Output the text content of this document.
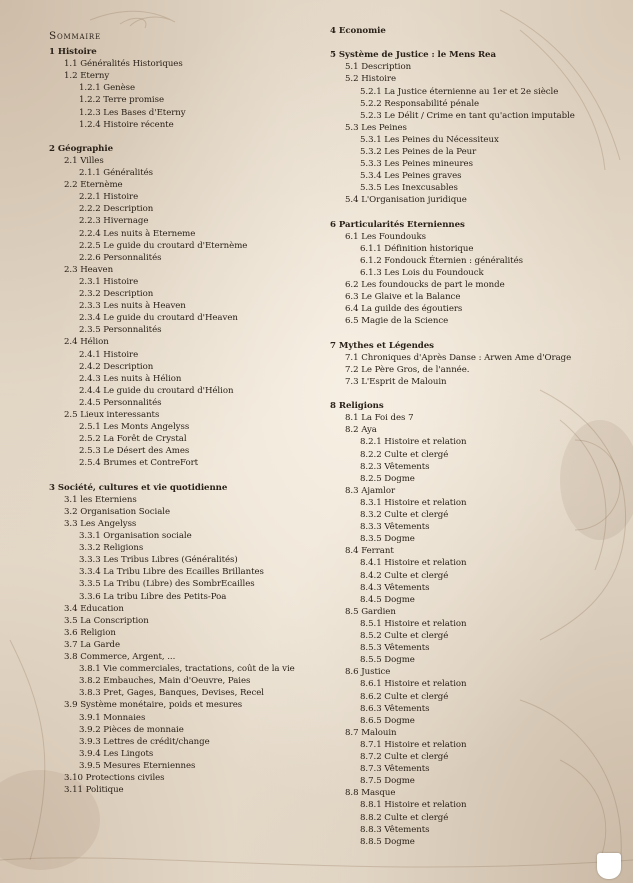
Sommaire
1 Histoire
1.1 Généralités Historiques
1.2 Eterny
1.2.1 Genèse
1.2.2 Terre promise
1.2.3 Les Bases d'Eterny
1.2.4 Histoire récente
2 Géographie
2.1 Villes
2.1.1 Généralités
2.2 Eternème
2.2.1 Histoire
2.2.2 Description
2.2.3 Hivernage
2.2.4 Les nuits à Eterneme
2.2.5 Le guide du croutard d'Eternème
2.2.6 Personnalités
2.3 Heaven
2.3.1 Histoire
2.3.2 Description
2.3.3 Les nuits à Heaven
2.3.4 Le guide du croutard d'Heaven
2.3.5 Personnalités
2.4 Hélion
2.4.1 Histoire
2.4.2 Description
2.4.3 Les nuits à Hélion
2.4.4 Le guide du croutard d'Hélion
2.4.5 Personnalités
2.5 Lieux interessants
2.5.1 Les Monts Angelyss
2.5.2 La Forêt de Crystal
2.5.3 Le Désert des Ames
2.5.4 Brumes et ContreFort
3 Société, cultures et vie quotidienne
3.1 les Eterniens
3.2 Organisation Sociale
3.3 Les Angelyss
3.3.1 Organisation sociale
3.3.2 Religions
3.3.3 Les Tribus Libres (Généralités)
3.3.4 La Tribu Libre des Ecailles Brillantes
3.3.5 La Tribu (Libre) des SombrEcailles
3.3.6 La tribu Libre des Petits-Poa
3.4 Education
3.5 La Conscription
3.6 Religion
3.7 La Garde
3.8 Commerce, Argent, ...
3.8.1 Vie commerciales, tractations, coût de la vie
3.8.2 Embauches, Main d'Oeuvre, Paies
3.8.3 Pret, Gages, Banques, Devises, Recel
3.9 Système monétaire, poids et mesures
3.9.1 Monnaies
3.9.2 Pièces de monnaie
3.9.3 Lettres de crédit/change
3.9.4 Les Lingots
3.9.5 Mesures Eterniennes
3.10 Protections civiles
3.11 Politique
4 Economie
5 Système de Justice : le Mens Rea
5.1 Description
5.2 Histoire
5.2.1 La Justice éternienne au 1er et 2e siècle
5.2.2 Responsabilité pénale
5.2.3 Le Délit / Crime en tant qu'action imputable
5.3 Les Peines
5.3.1 Les Peines du Nécessiteux
5.3.2 Les Peines de la Peur
5.3.3 Les Peines mineures
5.3.4 Les Peines graves
5.3.5 Les Inexcusables
5.4 L'Organisation juridique
6 Particularités Eterniennes
6.1 Les Foundouks
6.1.1 Définition historique
6.1.2 Fondouck Éternien : généralités
6.1.3 Les Lois du Foundouck
6.2 Les foundoucks de part le monde
6.3 Le Glaive et la Balance
6.4 La guilde des égoutiers
6.5 Magie de la Science
7 Mythes et Légendes
7.1 Chroniques d'Après Danse : Arwen Ame d'Orage
7.2 Le Père Gros, de l'année.
7.3 L'Esprit de Malouin
8 Religions
8.1 La Foi des 7
8.2 Aya
8.2.1 Histoire et relation
8.2.2 Culte et clergé
8.2.3 Vêtements
8.2.5 Dogme
8.3 Ajamlor
8.3.1 Histoire et relation
8.3.2 Culte et clergé
8.3.3 Vêtements
8.3.5 Dogme
8.4 Ferrant
8.4.1 Histoire et relation
8.4.2 Culte et clergé
8.4.3 Vêtements
8.4.5 Dogme
8.5 Gardien
8.5.1 Histoire et relation
8.5.2 Culte et clergé
8.5.3 Vêtements
8.5.5 Dogme
8.6 Justice
8.6.1 Histoire et relation
8.6.2 Culte et clergé
8.6.3 Vêtements
8.6.5 Dogme
8.7 Malouin
8.7.1 Histoire et relation
8.7.2 Culte et clergé
8.7.3 Vêtements
8.7.5 Dogme
8.8 Masque
8.8.1 Histoire et relation
8.8.2 Culte et clergé
8.8.3 Vêtements
8.8.5 Dogme
